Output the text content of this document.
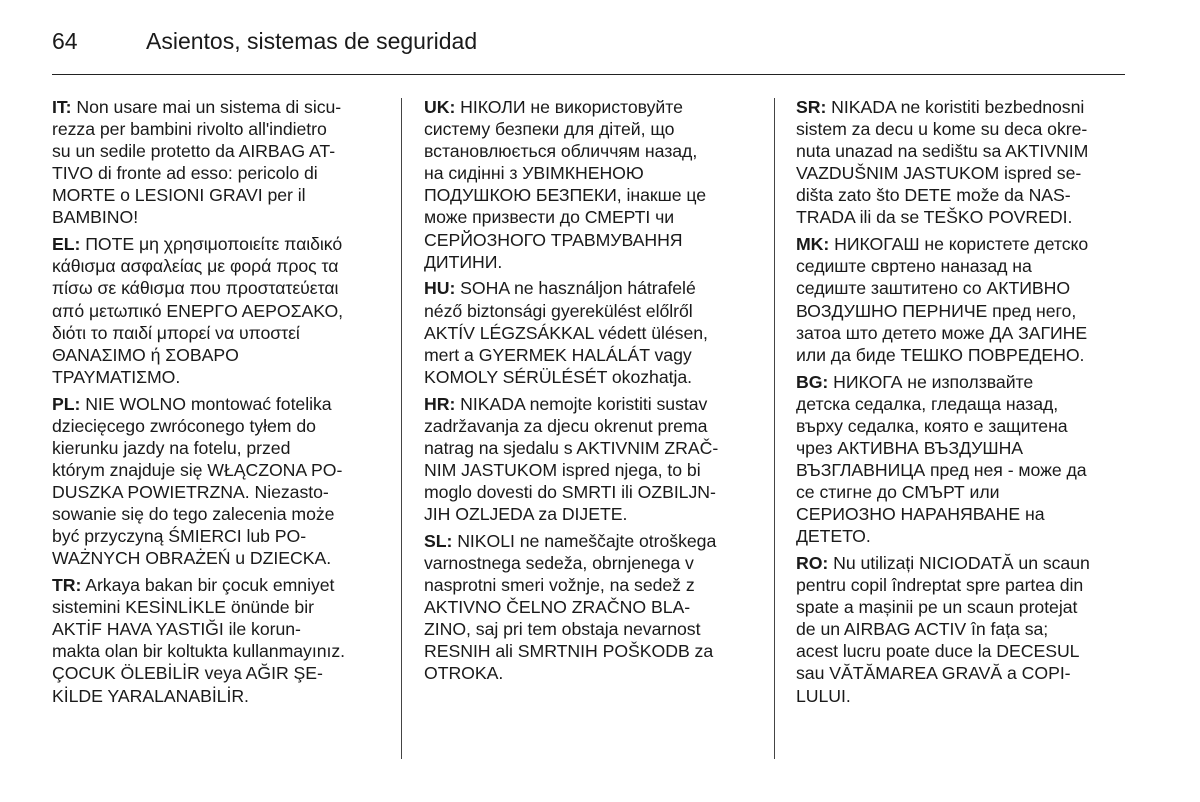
64	Asientos, sistemas de seguridad
IT: Non usare mai un sistema di sicu-
rezza per bambini rivolto all'indietro
su un sedile protetto da AIRBAG AT-
TIVO di fronte ad esso: pericolo di
MORTE o LESIONI GRAVI per il
BAMBINO!
EL: ΠΟΤΕ μη χρησιμοποιείτε παιδικό
κάθισμα ασφαλείας με φορά προς τα
πίσω σε κάθισμα που προστατεύεται
από μετωπικό ΕΝΕΡΓΟ ΑΕΡΟΣΑΚΟ,
διότι το παιδί μπορεί να υποστεί
ΘΑΝΑΣΙΜΟ ή ΣΟΒΑΡΟ
ΤΡΑΥΜΑΤΙΣΜΟ.
PL: NIE WOLNO montować fotelika
dziecięcego zwróconego tyłem do
kierunku jazdy na fotelu, przed
którym znajduje się WŁĄCZONA PO-
DUSZKA POWIETRZNA. Niezasto-
sowanie się do tego zalecenia może
być przyczyną ŚMIERCI lub PO-
WAŻNYCH OBRAŻEŃ u DZIECKA.
TR: Arkaya bakan bir çocuk emniyet
sistemini KESİNLİKLE önünde bir
AKTİF HAVA YASTIĞI ile korun-
makta olan bir koltukta kullanmayınız.
ÇOCUK ÖLEBİLİR veya AĞIR ŞE-
KİLDE YARALANABİLİR.
UK: НІКОЛИ не використовуйте
систему безпеки для дітей, що
встановлюється обличчям назад,
на сидінні з УВІМКНЕНОЮ
ПОДУШКОЮ БЕЗПЕКИ, інакше це
може призвести до СМЕРТІ чи
СЕРЙОЗНОГО ТРАВМУВАННЯ
ДИТИНИ.
HU: SOHA ne használjon hátrafelé
néző biztonsági gyerekülést előlről
AKTÍV LÉGZSÁKKAL védett ülésen,
mert a GYERMEK HALÁLÁT vagy
KOMOLY SÉRÜLÉSÉT okozhatja.
HR: NIKADA nemojte koristiti sustav
zadržavanja za djecu okrenut prema
natrag na sjedalu s AKTIVNIM ZRAČ-
NIM JASTUKOM ispred njega, to bi
moglo dovesti do SMRTI ili OZBILJN-
JIH OZLJEDA za DIJETE.
SL: NIKOLI ne nameščajte otroškega
varnostnega sedeža, obrnjenega v
nasprotni smeri vožnje, na sedež z
AKTIVNO ČELNO ZRAČNO BLA-
ZINO, saj pri tem obstaja nevarnost
RESNIH ali SMRTNIH POŠKODB za
OTROKA.
SR: NIKADA ne koristiti bezbednosni
sistem za decu u kome su deca okre-
nuta unazad na sedištu sa AKTIVNIM
VAZDUŠNIM JASTUKOM ispred se-
dišta zato što DETE može da NAS-
TRADA ili da se TEŠKO POVREDI.
MK: НИКОГАШ не користете детско
седиште свртено наназад на
седиште заштитено со АКТИВНО
ВОЗДУШНО ПЕРНИЧЕ пред него,
затоа што детето може ДА ЗАГИНЕ
или да биде ТЕШКО ПОВРЕДЕНО.
BG: НИКОГА не използвайте
детска седалка, гледаща назад,
върху седалка, която е защитена
чрез АКТИВНА ВЪЗДУШНА
ВЪЗГЛАВНИЦА пред нея - може да
се стигне до СМЪРТ или
СЕРИОЗНО НАРАНЯВАНЕ на
ДЕТЕТО.
RO: Nu utilizați NICIODATĂ un scaun
pentru copil îndreptat spre partea din
spate a mașinii pe un scaun protejat
de un AIRBAG ACTIV în fața sa;
acest lucru poate duce la DECESUL
sau VĂTĂMAREA GRAVĂ a COPI-
LULUI.
